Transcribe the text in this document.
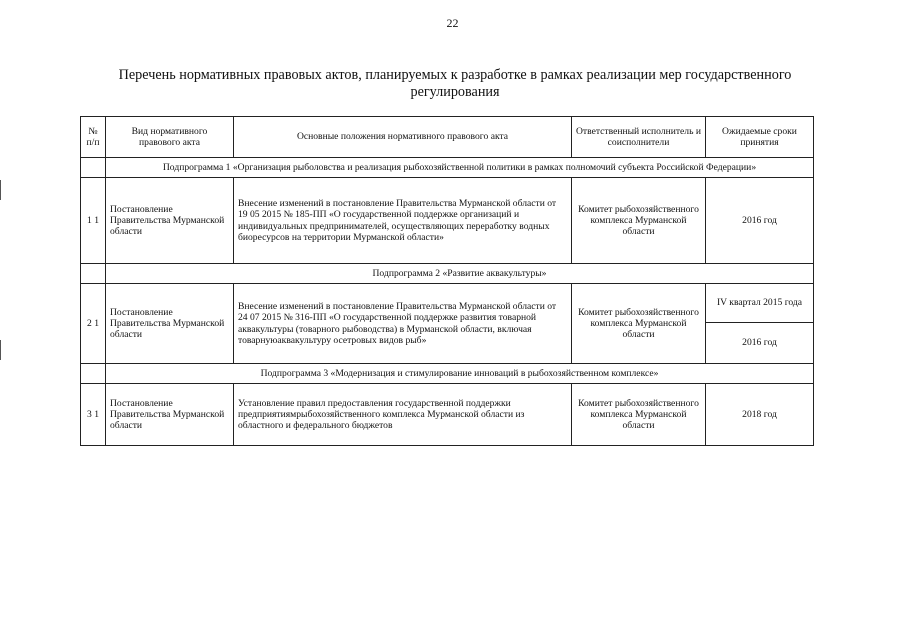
22
Перечень нормативных правовых актов, планируемых к разработке в рамках реализации мер государственного регулирования
№ п/п	Вид нормативного правового акта	Основные положения нормативного правового акта	Ответственный исполнитель и соисполнители	Ожидаемые сроки принятия
	Подпрограмма 1 «Организация рыболовства и реализация рыбохозяйственной политики в рамках полномочий субъекта Российской Федерации»			
1 1	Постановление Правительства Мурманской области	Внесение изменений в постановление Правительства Мурманской области от 19 05 2015 № 185-ПП «О государственной поддержке организаций и индивидуальных предпринимателей, осуществляющих переработку водных биоресурсов на территории Мурманской области»	Комитет рыбохозяйственного комплекса Мурманской области	2016 год
	Подпрограмма 2 «Развитие аквакультуры»			
2 1	Постановление Правительства Мурманской области	Внесение изменений в постановление Правительства Мурманской области от 24 07 2015 № 316-ПП «О государственной поддержке развития товарной аквакультуры (товарного рыбоводства) в Мурманской области, включая товарнуюаквакультуру осетровых видов рыб»	Комитет рыбохозяйственного комплекса Мурманской области	IV квартал 2015 года
				2016 год
	Подпрограмма 3 «Модернизация и стимулирование инноваций в рыбохозяйственном комплексе»			
3 1	Постановление Правительства Мурманской области	Установление правил предоставления государственной поддержки предприятиямрыбохозяйственного комплекса Мурманской области из областного и федерального бюджетов	Комитет рыбохозяйственного комплекса Мурманской области	2018 год
